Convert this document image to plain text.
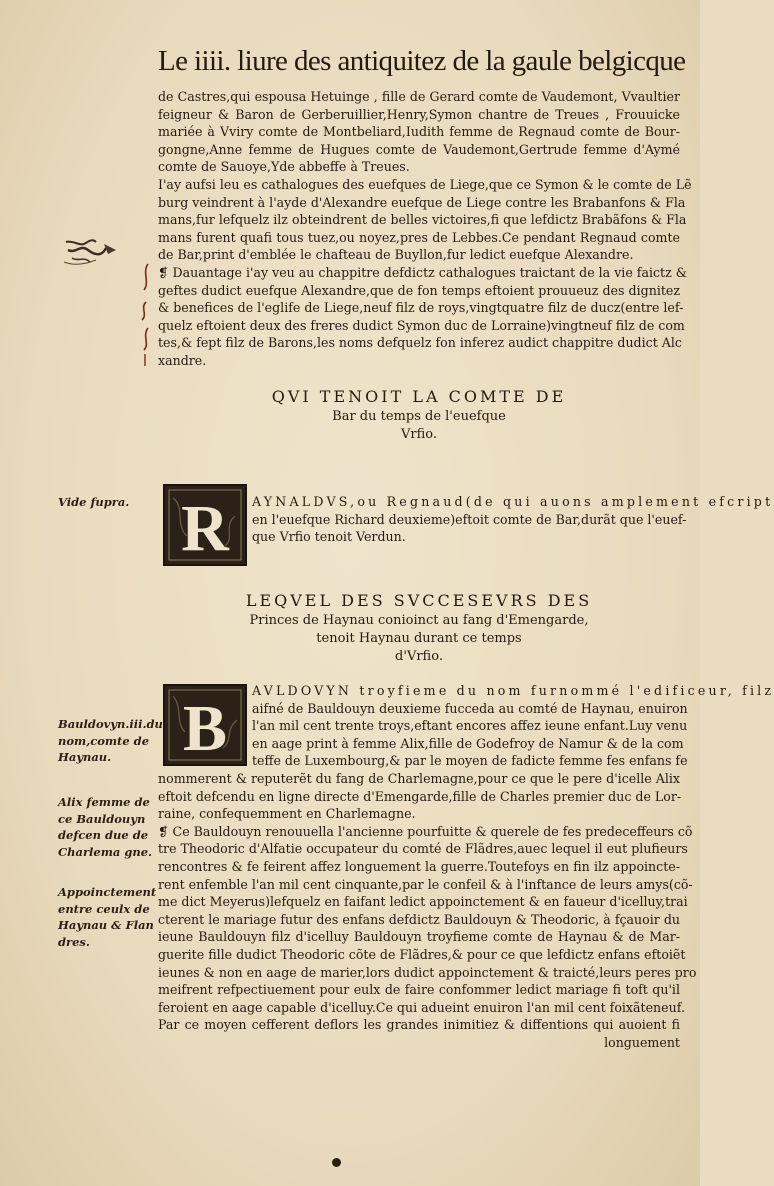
Le iiii. liure des antiquitez de la gaule belgicque
de Castres,qui espousa Hetuinge , fille de Gerard comte de Vaudemont, Vvaultier
feigneur & Baron de Gerberuillier,Henry,Symon chantre de Treues , Frouuicke
mariée à Vviry comte de Montbeliard,Iudith femme de Regnaud comte de Bour-
gongne,Anne femme de Hugues comte de Vaudemont,Gertrude femme d'Aymé
comte de Sauoye,Yde abbeffe à Treues.
I'ay aufsi leu es cathalogues des euefques de Liege,que ce Symon & le comte de Lẽ
burg veindrent à l'ayde d'Alexandre euefque de Liege contre les Brabanfons & Fla
mans,fur lefquelz ilz obteindrent de belles victoires,fi que lefdictz Brabãfons & Fla
mans furent quafi tous tuez,ou noyez,pres de Lebbes.Ce pendant Regnaud comte
de Bar,print d'emblée le chafteau de Buyllon,fur ledict euefque Alexandre.
❡ Dauantage i'ay veu au chappitre defdictz cathalogues traictant de la vie faictz &
geftes dudict euefque Alexandre,que de fon temps eftoient prouueuz des dignitez
& benefices de l'eglife de Liege,neuf filz de roys,vingtquatre filz de ducz(entre lef-
quelz eftoient deux des freres dudict Symon duc de Lorraine)vingtneuf filz de com
tes,& fept filz de Barons,les noms defquelz fon inferez audict chappitre dudict Alc
xandre.
QVI TENOIT LA COMTE DE
Bar du temps de l'euefque
Vrfio.
Vide fupra. R AYNALDVS,ou Regnaud(de qui auons amplement efcript
en l'euefque Richard deuxieme)eftoit comte de Bar,durãt que l'euef-
que Vrfio tenoit Verdun.
LEQVEL DES SVCCESEVRS DES
Princes de Haynau conioinct au fang d'Emengarde,
tenoit Haynau durant ce temps
d'Vrfio.
B
AVLDOVYN troyfieme du nom furnommé l'edificeur, filz
aifné de Bauldouyn deuxieme fucceda au comté de Haynau, enuiron
l'an mil cent trente troys,eftant encores affez ieune enfant.Luy venu
en aage print à femme Alix,fille de Godefroy de Namur & de la com
teffe de Luxembourg,& par le moyen de fadicte femme fes enfans fe
Bauldovyn.iii.du nom,comte de Haynau.
Alix femme de ce Bauldouyn defcen due de Charlema gne.
Appoinctement entre ceulx de Haynau & Flan dres.
nommerent & reputerẽt du fang de Charlemagne,pour ce que le pere d'icelle Alix
eftoit defcendu en ligne directe d'Emengarde,fille de Charles premier duc de Lor-
raine, confequemment en Charlemagne.
❡ Ce Bauldouyn renouuella l'ancienne pourfuitte & querele de fes predeceffeurs cõ
tre Theodoric d'Alfatie occupateur du comté de Flãdres,auec lequel il eut plufieurs
rencontres & fe feirent affez longuement la guerre.Toutefoys en fin ilz appoincte-
rent enfemble l'an mil cent cinquante,par le confeil & à l'inftance de leurs amys(cõ-
me dict Meyerus)lefquelz en faifant ledict appoinctement & en faueur d'icelluy,trai
cterent le mariage futur des enfans defdictz Bauldouyn & Theodoric, à fçauoir du
ieune Bauldouyn filz d'icelluy Bauldouyn troyfieme comte de Haynau & de Mar-
guerite fille dudict Theodoric cõte de Flãdres,& pour ce que lefdictz enfans eftoiẽt
ieunes & non en aage de marier,lors dudict appoinctement & traicté,leurs peres pro
meifrent refpectiuement pour eulx de faire confommer ledict mariage fi toft qu'il
feroient en aage capable d'icelluy.Ce qui adueint enuiron l'an mil cent foixãteneuf.
Par ce moyen cefferent deflors les grandes inimitiez & diffentions qui auoient fi
longuement
